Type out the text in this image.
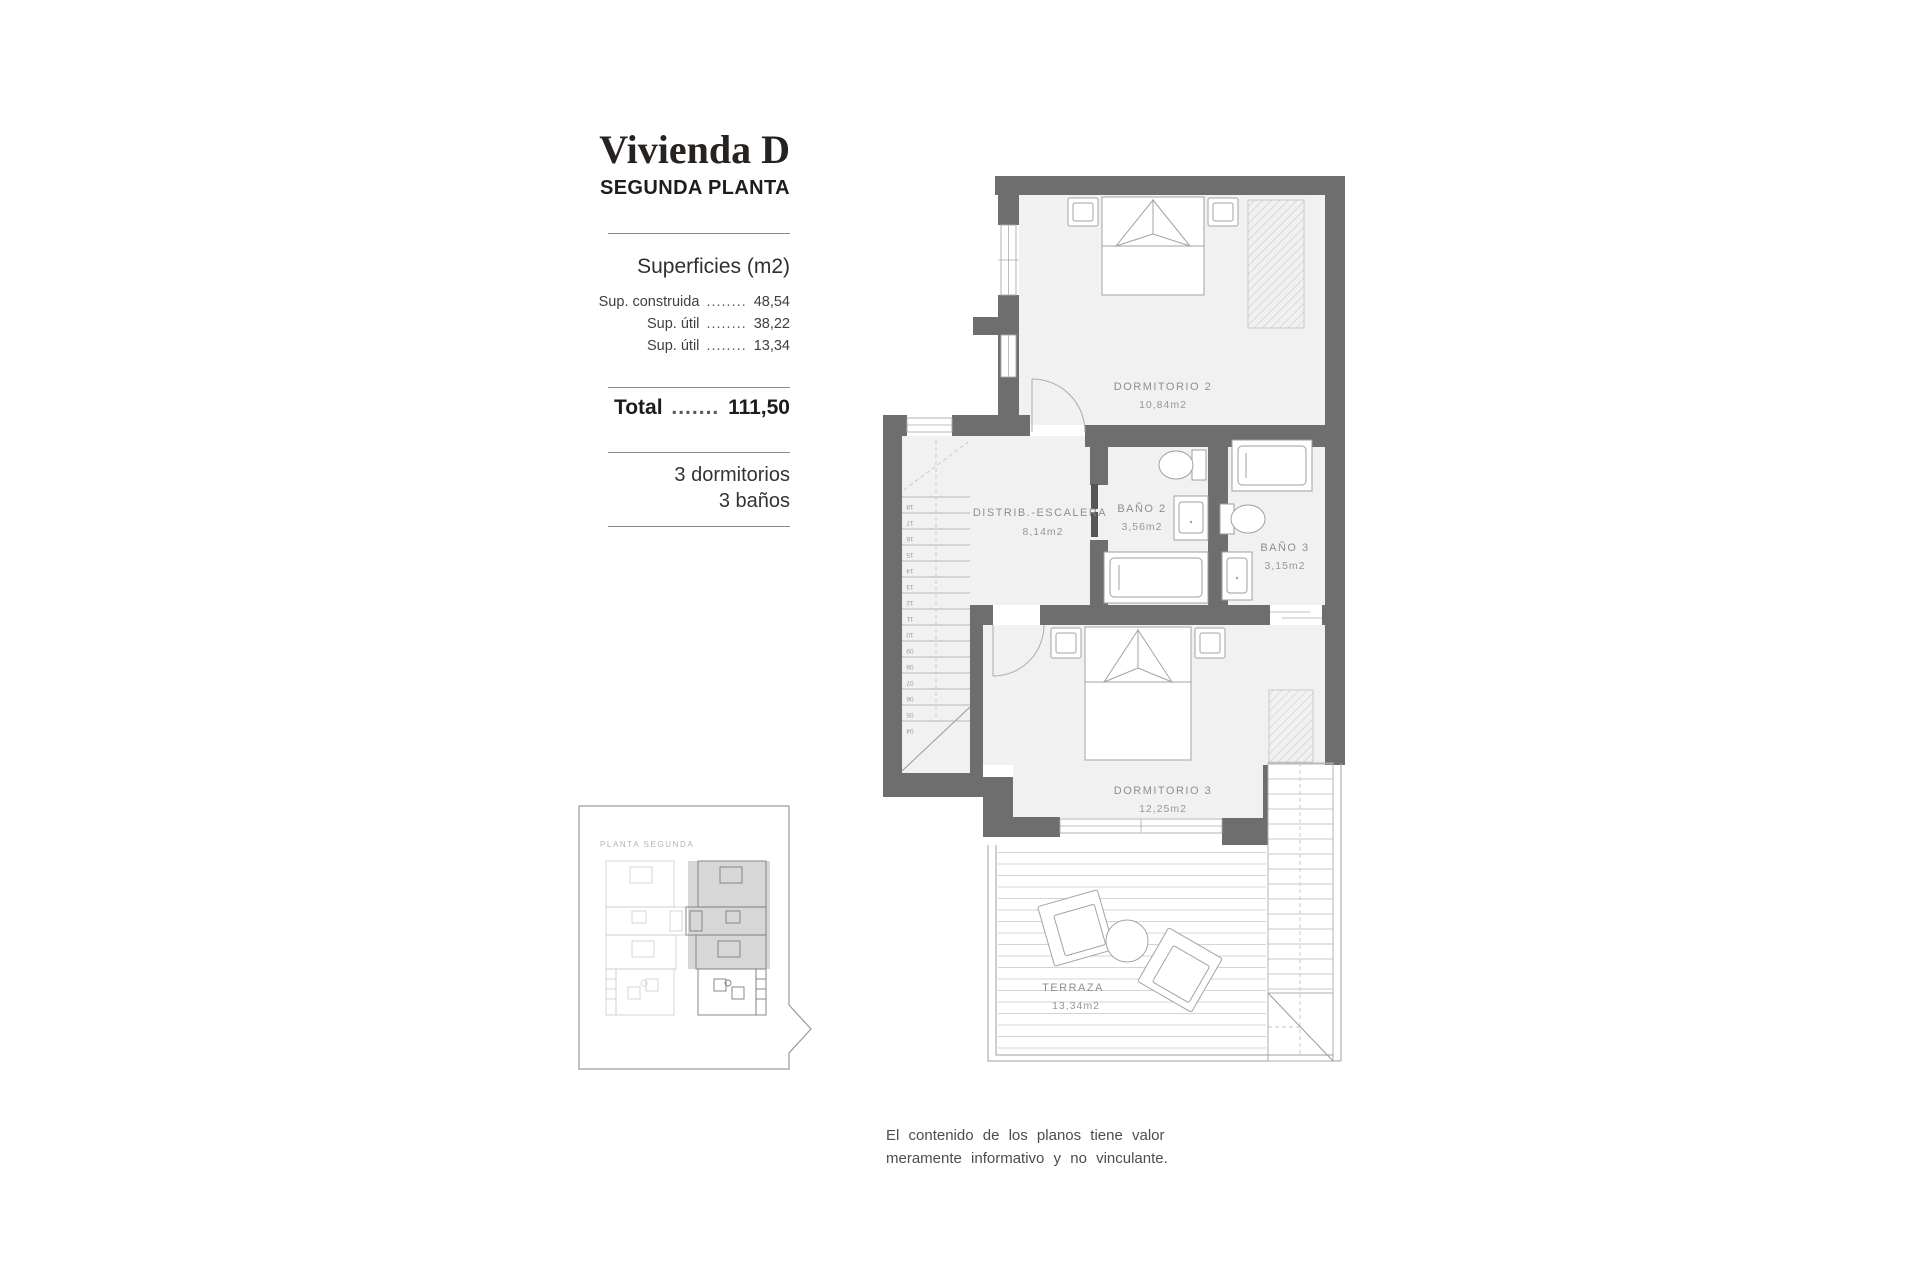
Vivienda D
SEGUNDA PLANTA
Superficies (m2)
Sup. construida ........ 48,54
Sup. útil ........ 38,22
Sup. útil ........ 13,34
Total ....... 111,50
3 dormitorios
3 baños	18
17
16
15
14
13
12
11
10
09
08
07
06
05
04
DORMITORIO 2
10,84m2
DISTRIB.-ESCALERA
8,14m2
BAÑO 2
3,56m2
BAÑO 3
3,15m2
DORMITORIO 3
12,25m2
TERRAZA
13,34m2
PLANTA SEGUNDA
El contenido de los planos tiene valor
meramente informativo y no vinculante.
